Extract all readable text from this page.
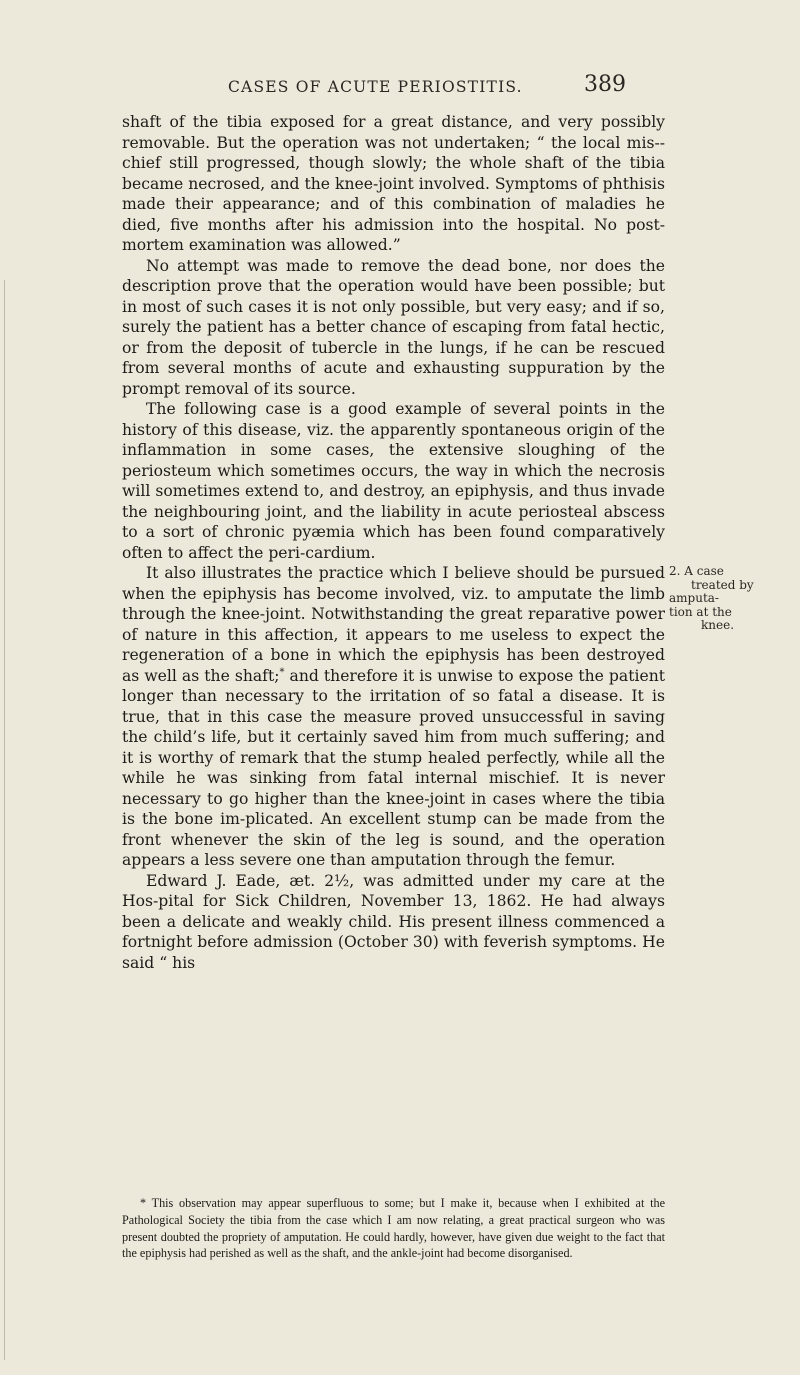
CASES OF ACUTE PERIOSTITIS.	389

shaft of the tibia exposed for a great distance, and very possibly removable. But the operation was not undertaken; “ the local mis-chief still progressed, though slowly; the whole shaft of the tibia became necrosed, and the knee-joint involved. Symptoms of phthisis made their appearance; and of this combination of maladies he died, five months after his admission into the hospital. No post-mortem examination was allowed.”

No attempt was made to remove the dead bone, nor does the description prove that the operation would have been possible; but in most of such cases it is not only possible, but very easy; and if so, surely the patient has a better chance of escaping from fatal hectic, or from the deposit of tubercle in the lungs, if he can be rescued from several months of acute and exhausting suppuration by the prompt removal of its source.

The following case is a good example of several points in the history of this disease, viz. the apparently spontaneous origin of the inflammation in some cases, the extensive sloughing of the periosteum which sometimes occurs, the way in which the necrosis will sometimes extend to, and destroy, an epiphysis, and thus invade the neighbouring joint, and the liability in acute periosteal abscess to a sort of chronic pyæmia which has been found comparatively often to affect the peri-cardium.

It also illustrates the practice which I believe should be pursued when the epiphysis has become involved, viz. to amputate the limb through the knee-joint. Notwithstanding the great reparative power of nature in this affection, it appears to me useless to expect the regeneration of a bone in which the epiphysis has been destroyed as well as the shaft;* and therefore it is unwise to expose the patient longer than necessary to the irritation of so fatal a disease. It is true, that in this case the measure proved unsuccessful in saving the child’s life, but it certainly saved him from much suffering; and it is worthy of remark that the stump healed perfectly, while all the while he was sinking from fatal internal mischief. It is never necessary to go higher than the knee-joint in cases where the tibia is the bone im-plicated. An excellent stump can be made from the front whenever the skin of the leg is sound, and the operation appears a less severe one than amputation through the femur.

Edward J. Eade, æt. 2½, was admitted under my care at the Hos-pital for Sick Children, November 13, 1862. He had always been a delicate and weakly child. His present illness commenced a fortnight before admission (October 30) with feverish symptoms. He said “ his

2. A case
treated by
amputa-
tion at the
knee.

* This observation may appear superfluous to some; but I make it, because when I exhibited at the Pathological Society the tibia from the case which I am now relating, a great practical surgeon who was present doubted the propriety of amputation. He could hardly, however, have given due weight to the fact that the epiphysis had perished as well as the shaft, and the ankle-joint had become disorganised.
